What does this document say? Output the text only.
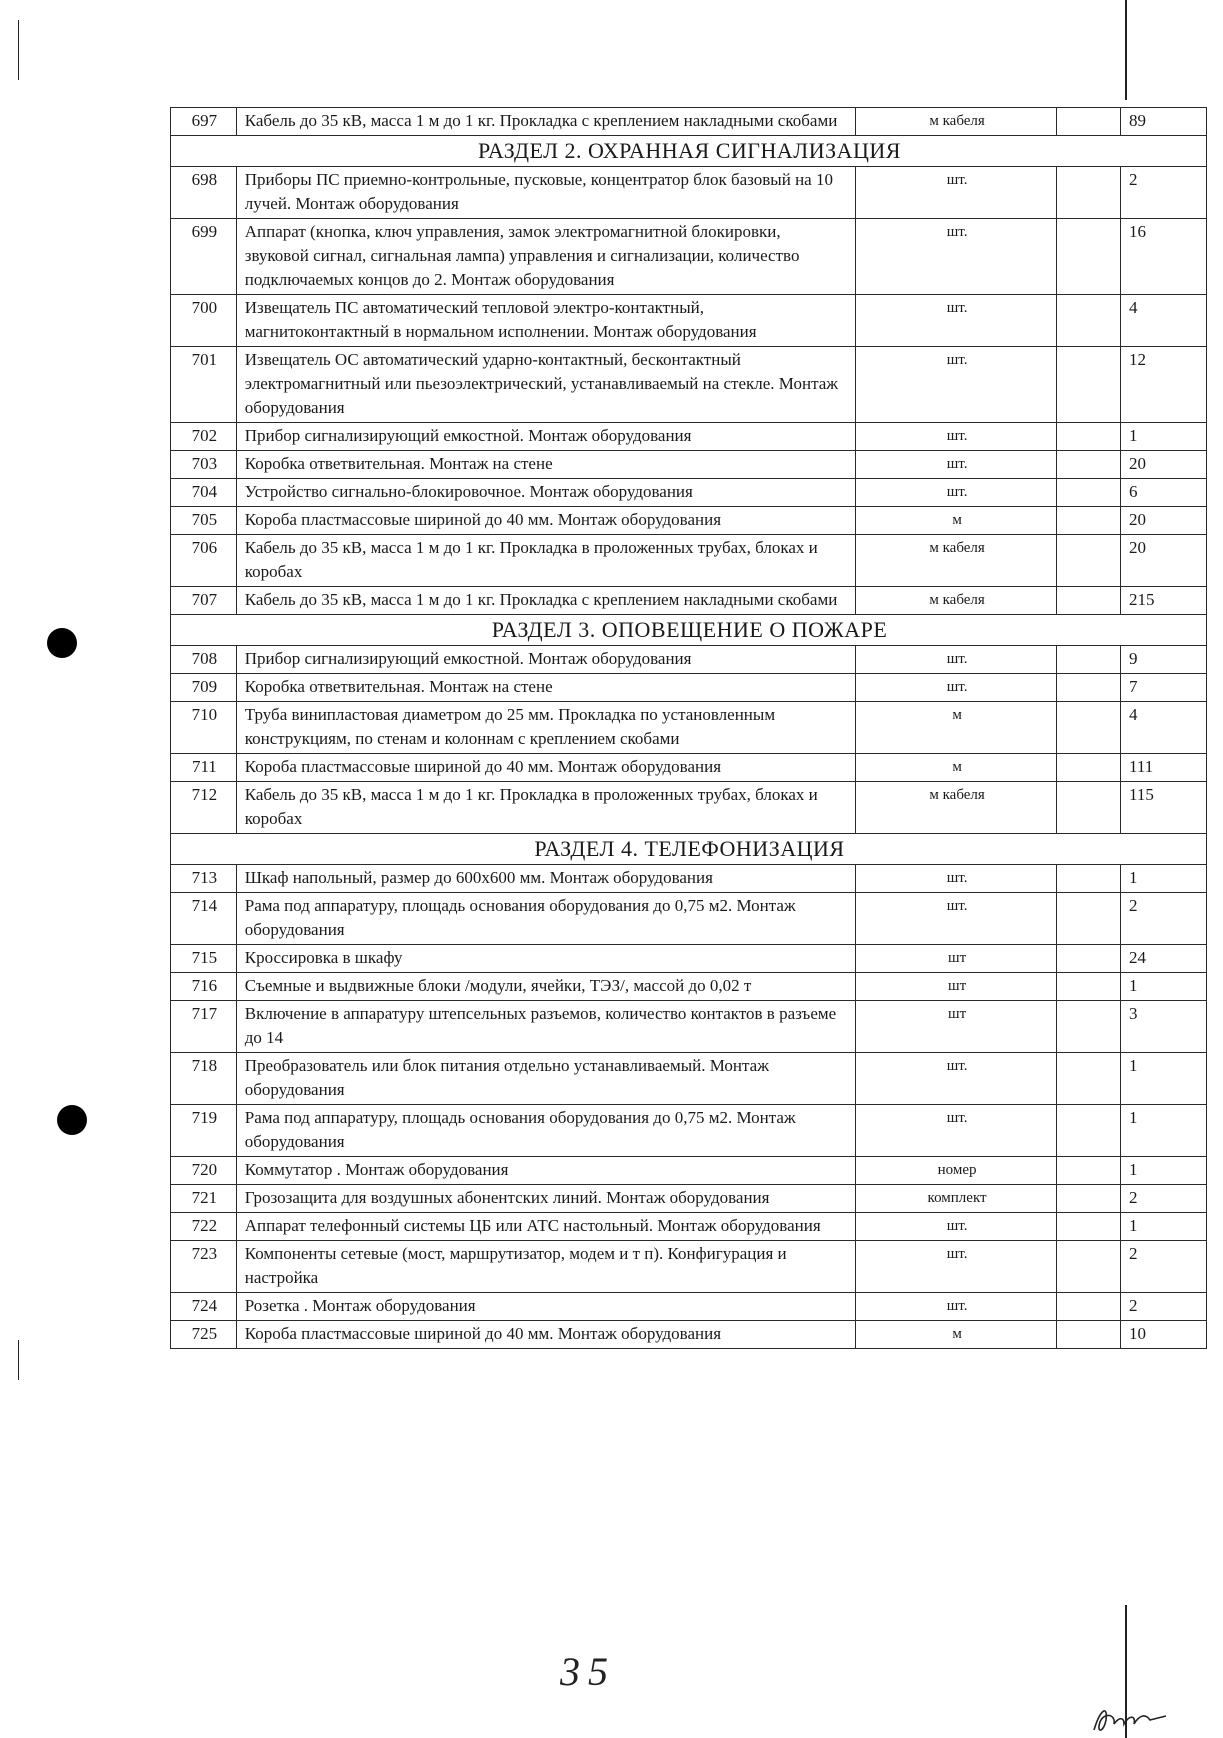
697	Кабель до 35 кВ, масса 1 м до 1 кг. Прокладка с креплением накладными скобами	м кабеля		89
РАЗДЕЛ 2. ОХРАННАЯ СИГНАЛИЗАЦИЯ				
698	Приборы ПС приемно-контрольные, пусковые, концентратор блок базовый на 10 лучей. Монтаж оборудования	шт.		2
699	Аппарат (кнопка, ключ управления, замок электромагнитной блокировки, звуковой сигнал, сигнальная лампа) управления и сигнализации, количество подключаемых концов до 2. Монтаж оборудования	шт.		16
700	Извещатель ПС автоматический тепловой электро-контактный, магнитоконтактный в нормальном исполнении. Монтаж оборудования	шт.		4
701	Извещатель ОС автоматический ударно-контактный, бесконтактный электромагнитный или пьезоэлектрический, устанавливаемый на стекле. Монтаж оборудования	шт.		12
702	Прибор сигнализирующий емкостной. Монтаж оборудования	шт.		1
703	Коробка ответвительная. Монтаж на стене	шт.		20
704	Устройство сигнально-блокировочное. Монтаж оборудования	шт.		6
705	Короба пластмассовые шириной до 40 мм. Монтаж оборудования	м		20
706	Кабель до 35 кВ, масса 1 м до 1 кг. Прокладка в проложенных трубах, блоках и коробах	м кабеля		20
707	Кабель до 35 кВ, масса 1 м до 1 кг. Прокладка с креплением накладными скобами	м кабеля		215
РАЗДЕЛ 3. ОПОВЕЩЕНИЕ О ПОЖАРЕ				
708	Прибор сигнализирующий емкостной. Монтаж оборудования	шт.		9
709	Коробка ответвительная. Монтаж на стене	шт.		7
710	Труба винипластовая диаметром до 25 мм. Прокладка по установленным конструкциям, по стенам и колоннам с креплением скобами	м		4
711	Короба пластмассовые шириной до 40 мм. Монтаж оборудования	м		111
712	Кабель до 35 кВ, масса 1 м до 1 кг. Прокладка в проложенных трубах, блоках и коробах	м кабеля		115
РАЗДЕЛ 4. ТЕЛЕФОНИЗАЦИЯ				
713	Шкаф напольный, размер до 600x600 мм. Монтаж оборудования	шт.		1
714	Рама под аппаратуру, площадь основания оборудования до 0,75 м2. Монтаж оборудования	шт.		2
715	Кроссировка в шкафу	шт		24
716	Съемные и выдвижные блоки /модули, ячейки, ТЭЗ/, массой до 0,02 т	шт		1
717	Включение в аппаратуру штепсельных разъемов, количество контактов в разъеме до 14	шт		3
718	Преобразователь или блок питания отдельно устанавливаемый. Монтаж оборудования	шт.		1
719	Рама под аппаратуру, площадь основания оборудования до 0,75 м2. Монтаж оборудования	шт.		1
720	Коммутатор . Монтаж оборудования	номер		1
721	Грозозащита для воздушных абонентских линий. Монтаж оборудования	комплект		2
722	Аппарат телефонный системы ЦБ или АТС настольный. Монтаж оборудования	шт.		1
723	Компоненты сетевые (мост, маршрутизатор, модем и т п). Конфигурация и настройка	шт.		2
724	Розетка . Монтаж оборудования	шт.		2
725	Короба пластмассовые шириной до 40 мм. Монтаж оборудования	м		10
35
